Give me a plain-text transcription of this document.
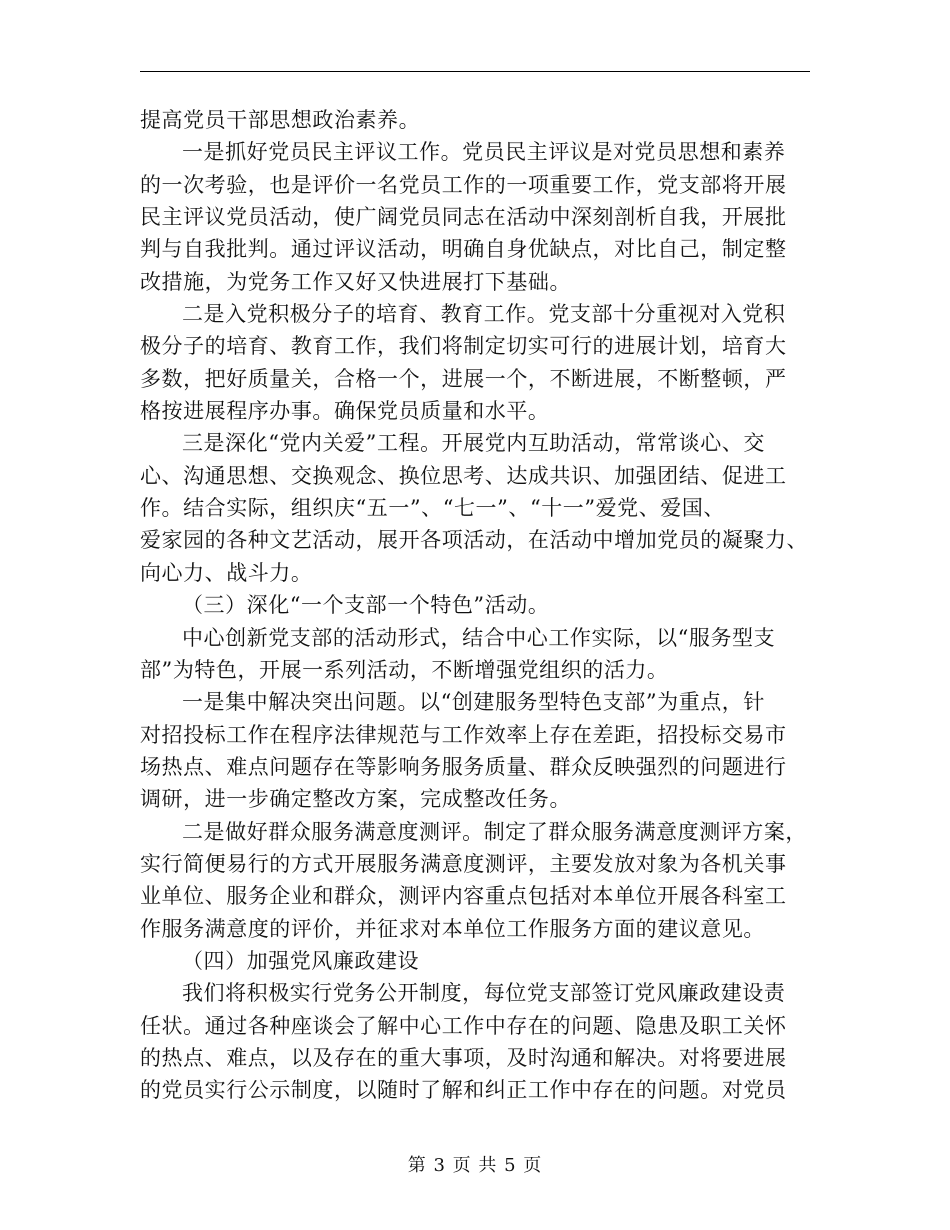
提高党员干部思想政治素养。
一是抓好党员民主评议工作。党员民主评议是对党员思想和素养
的一次考验，也是评价一名党员工作的一项重要工作，党支部将开展
民主评议党员活动，使广阔党员同志在活动中深刻剖析自我，开展批
判与自我批判。通过评议活动，明确自身优缺点，对比自己，制定整
改措施，为党务工作又好又快进展打下基础。
二是入党积极分子的培育、教育工作。党支部十分重视对入党积
极分子的培育、教育工作，我们将制定切实可行的进展计划，培育大
多数，把好质量关，合格一个，进展一个，不断进展，不断整顿，严
格按进展程序办事。确保党员质量和水平。
三是深化“党内关爱”工程。开展党内互助活动，常常谈心、交
心、沟通思想、交换观念、换位思考、达成共识、加强团结、促进工
作。结合实际，组织庆“五一”、“七一”、“十一”爱党、爱国、
爱家园的各种文艺活动，展开各项活动，在活动中增加党员的凝聚力、
向心力、战斗力。
（三）深化“一个支部一个特色”活动。
中心创新党支部的活动形式，结合中心工作实际，以“服务型支
部”为特色，开展一系列活动，不断增强党组织的活力。
一是集中解决突出问题。以“创建服务型特色支部”为重点，针
对招投标工作在程序法律规范与工作效率上存在差距，招投标交易市
场热点、难点问题存在等影响务服务质量、群众反映强烈的问题进行
调研，进一步确定整改方案，完成整改任务。
二是做好群众服务满意度测评。制定了群众服务满意度测评方案，
实行简便易行的方式开展服务满意度测评，主要发放对象为各机关事
业单位、服务企业和群众，测评内容重点包括对本单位开展各科室工
作服务满意度的评价，并征求对本单位工作服务方面的建议意见。
（四）加强党风廉政建设
我们将积极实行党务公开制度，每位党支部签订党风廉政建设责
任状。通过各种座谈会了解中心工作中存在的问题、隐患及职工关怀
的热点、难点，以及存在的重大事项，及时沟通和解决。对将要进展
的党员实行公示制度，以随时了解和纠正工作中存在的问题。对党员
第 3 页 共 5 页
